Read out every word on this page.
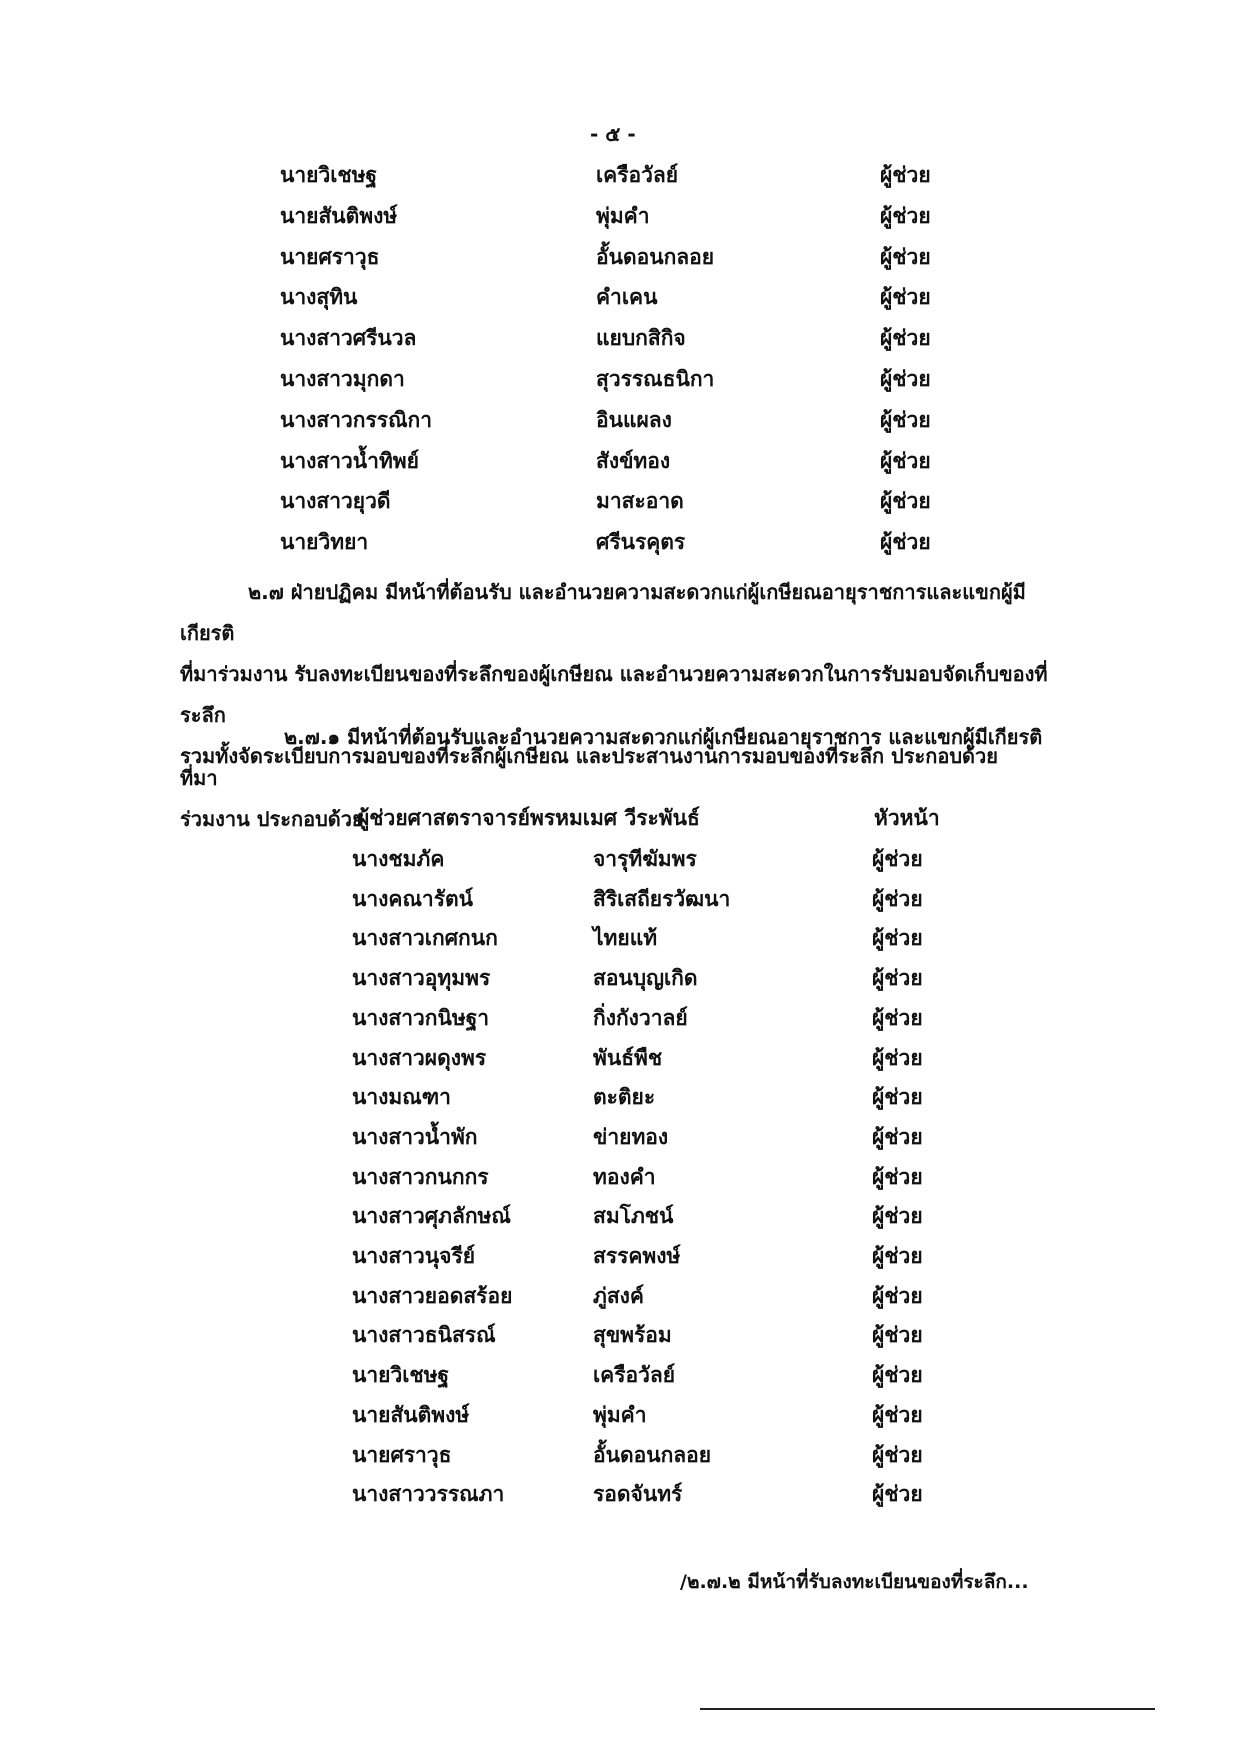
- ๕ -
นายวิเชษฐ	เครือวัลย์	ผู้ช่วย
นายสันติพงษ์	พุ่มคำ	ผู้ช่วย
นายศราวุธ	อั้นดอนกลอย	ผู้ช่วย
นางสุทิน	คำเคน	ผู้ช่วย
นางสาวศรีนวล	แยบกสิกิจ	ผู้ช่วย
นางสาวมุกดา	สุวรรณธนิกา	ผู้ช่วย
นางสาวกรรณิกา	อินแผลง	ผู้ช่วย
นางสาวน้ำทิพย์	สังข์ทอง	ผู้ช่วย
นางสาวยุวดี	มาสะอาด	ผู้ช่วย
นายวิทยา	ศรีนรคุตร	ผู้ช่วย
๒.๗ ฝ่ายปฏิคม มีหน้าที่ต้อนรับ และอำนวยความสะดวกแก่ผู้เกษียณอายุราชการและแขกผู้มีเกียรติ
ที่มาร่วมงาน รับลงทะเบียนของที่ระลึกของผู้เกษียณ และอำนวยความสะดวกในการรับมอบจัดเก็บของที่ระลึก
รวมทั้งจัดระเบียบการมอบของที่ระลึกผู้เกษียณ และประสานงานการมอบของที่ระลึก ประกอบด้วย
๒.๗.๑ มีหน้าที่ต้อนรับและอำนวยความสะดวกแก่ผู้เกษียณอายุราชการ และแขกผู้มีเกียรติที่มา
ร่วมงาน ประกอบด้วย
ผู้ช่วยศาสตราจารย์พรหมเมศ วีระพันธ์	หัวหน้า
นางชมภัค	จารุทีฆัมพร	ผู้ช่วย
นางคณารัตน์	สิริเสถียรวัฒนา	ผู้ช่วย
นางสาวเกศกนก	ไทยแท้	ผู้ช่วย
นางสาวอุทุมพร	สอนบุญเกิด	ผู้ช่วย
นางสาวกนิษฐา	กิ่งกังวาลย์	ผู้ช่วย
นางสาวผดุงพร	พันธ์พืช	ผู้ช่วย
นางมณฑา	ตะติยะ	ผู้ช่วย
นางสาวน้ำพัก	ข่ายทอง	ผู้ช่วย
นางสาวกนกกร	ทองคำ	ผู้ช่วย
นางสาวศุภลักษณ์	สมโภชน์	ผู้ช่วย
นางสาวนุจรีย์	สรรคพงษ์	ผู้ช่วย
นางสาวยอดสร้อย	ภู่สงค์	ผู้ช่วย
นางสาวธนิสรณ์	สุขพร้อม	ผู้ช่วย
นายวิเชษฐ	เครือวัลย์	ผู้ช่วย
นายสันติพงษ์	พุ่มคำ	ผู้ช่วย
นายศราวุธ	อั้นดอนกลอย	ผู้ช่วย
นางสาววรรณภา	รอดจันทร์	ผู้ช่วย
/๒.๗.๒ มีหน้าที่รับลงทะเบียนของที่ระลึก...
